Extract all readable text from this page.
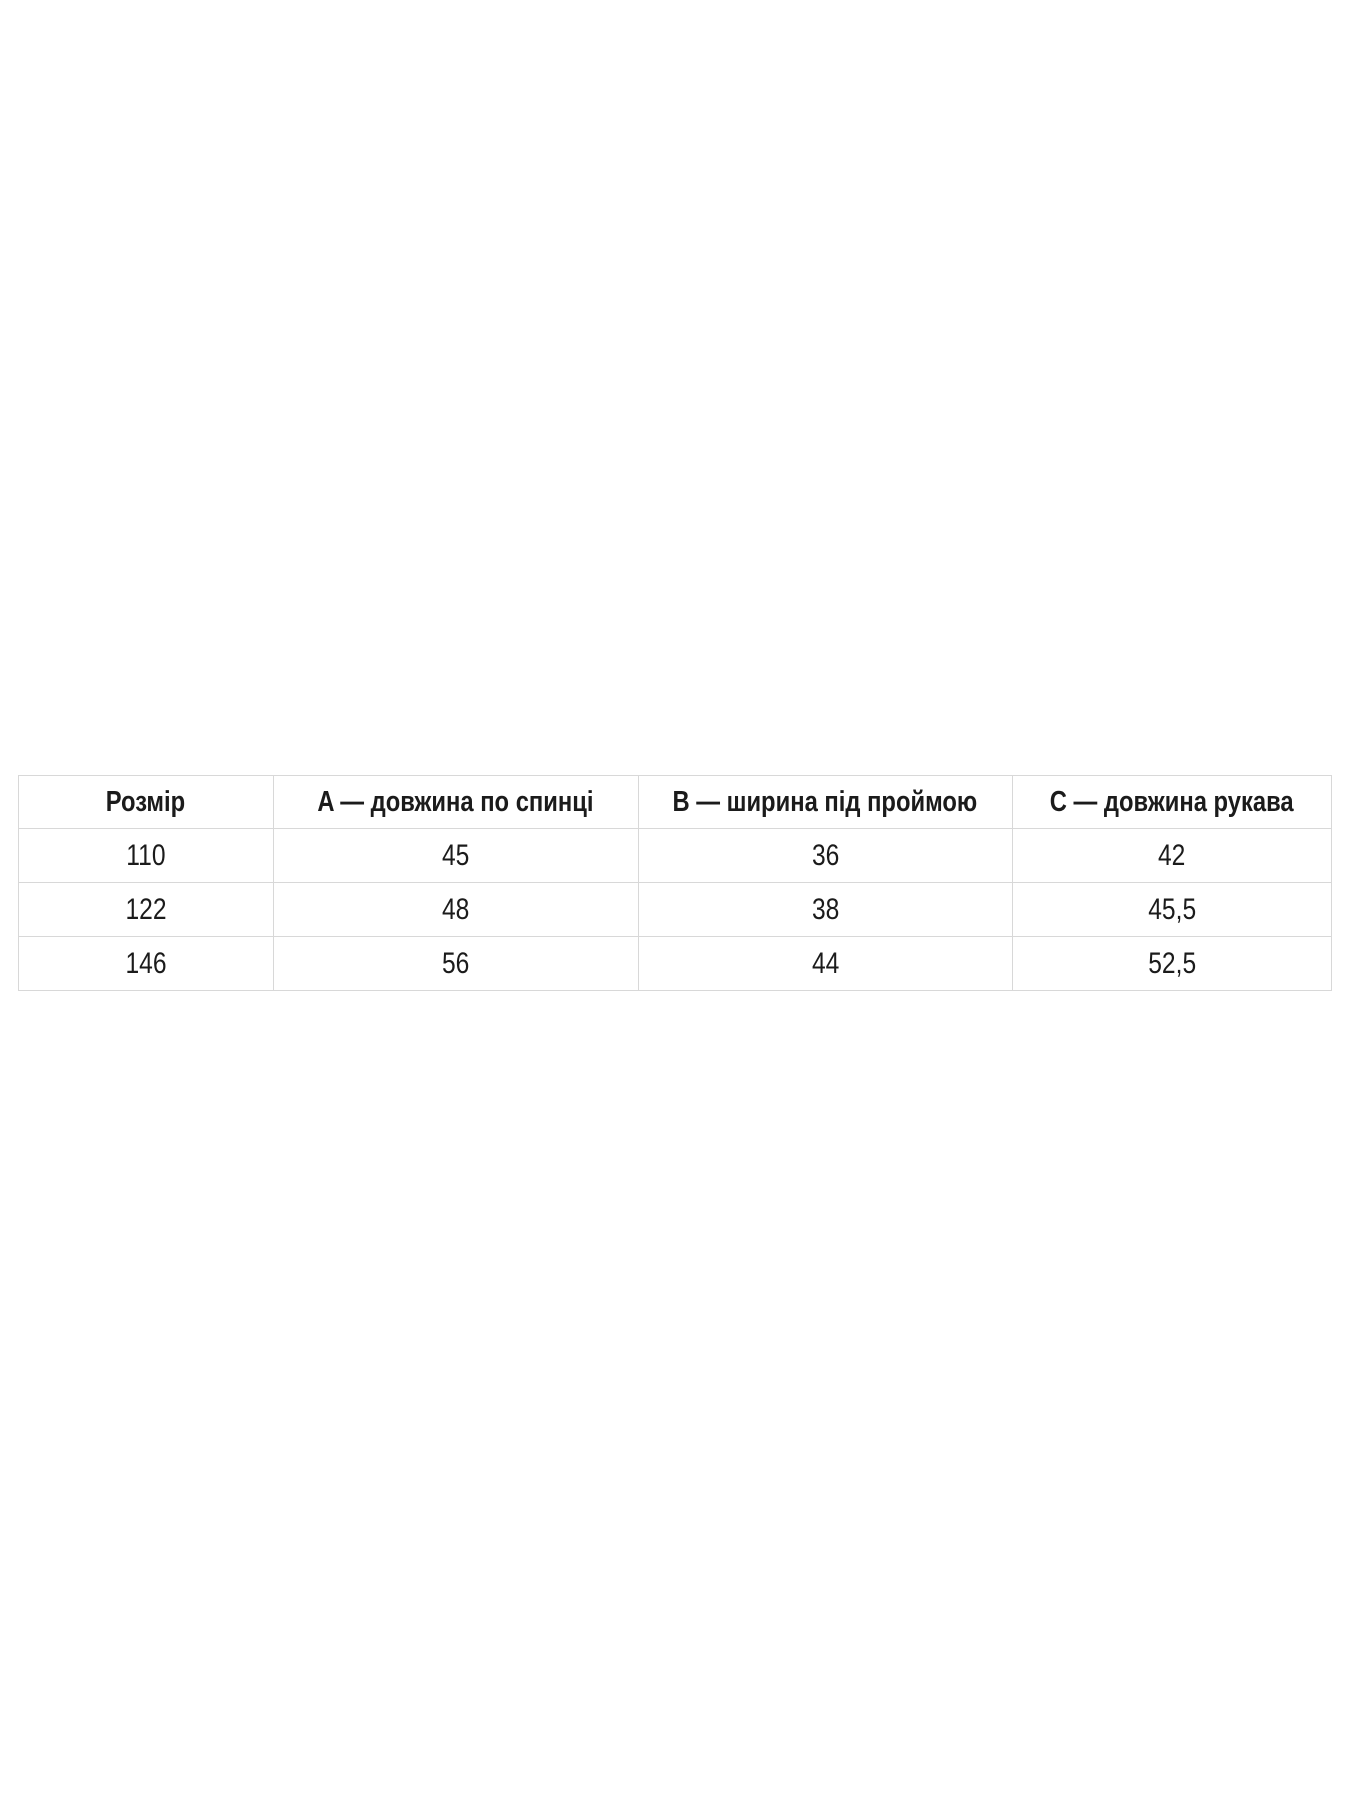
Розмір	A — довжина по спинці	B — ширина під проймою	C — довжина рукава
110	45	36	42
122	48	38	45,5
146	56	44	52,5
